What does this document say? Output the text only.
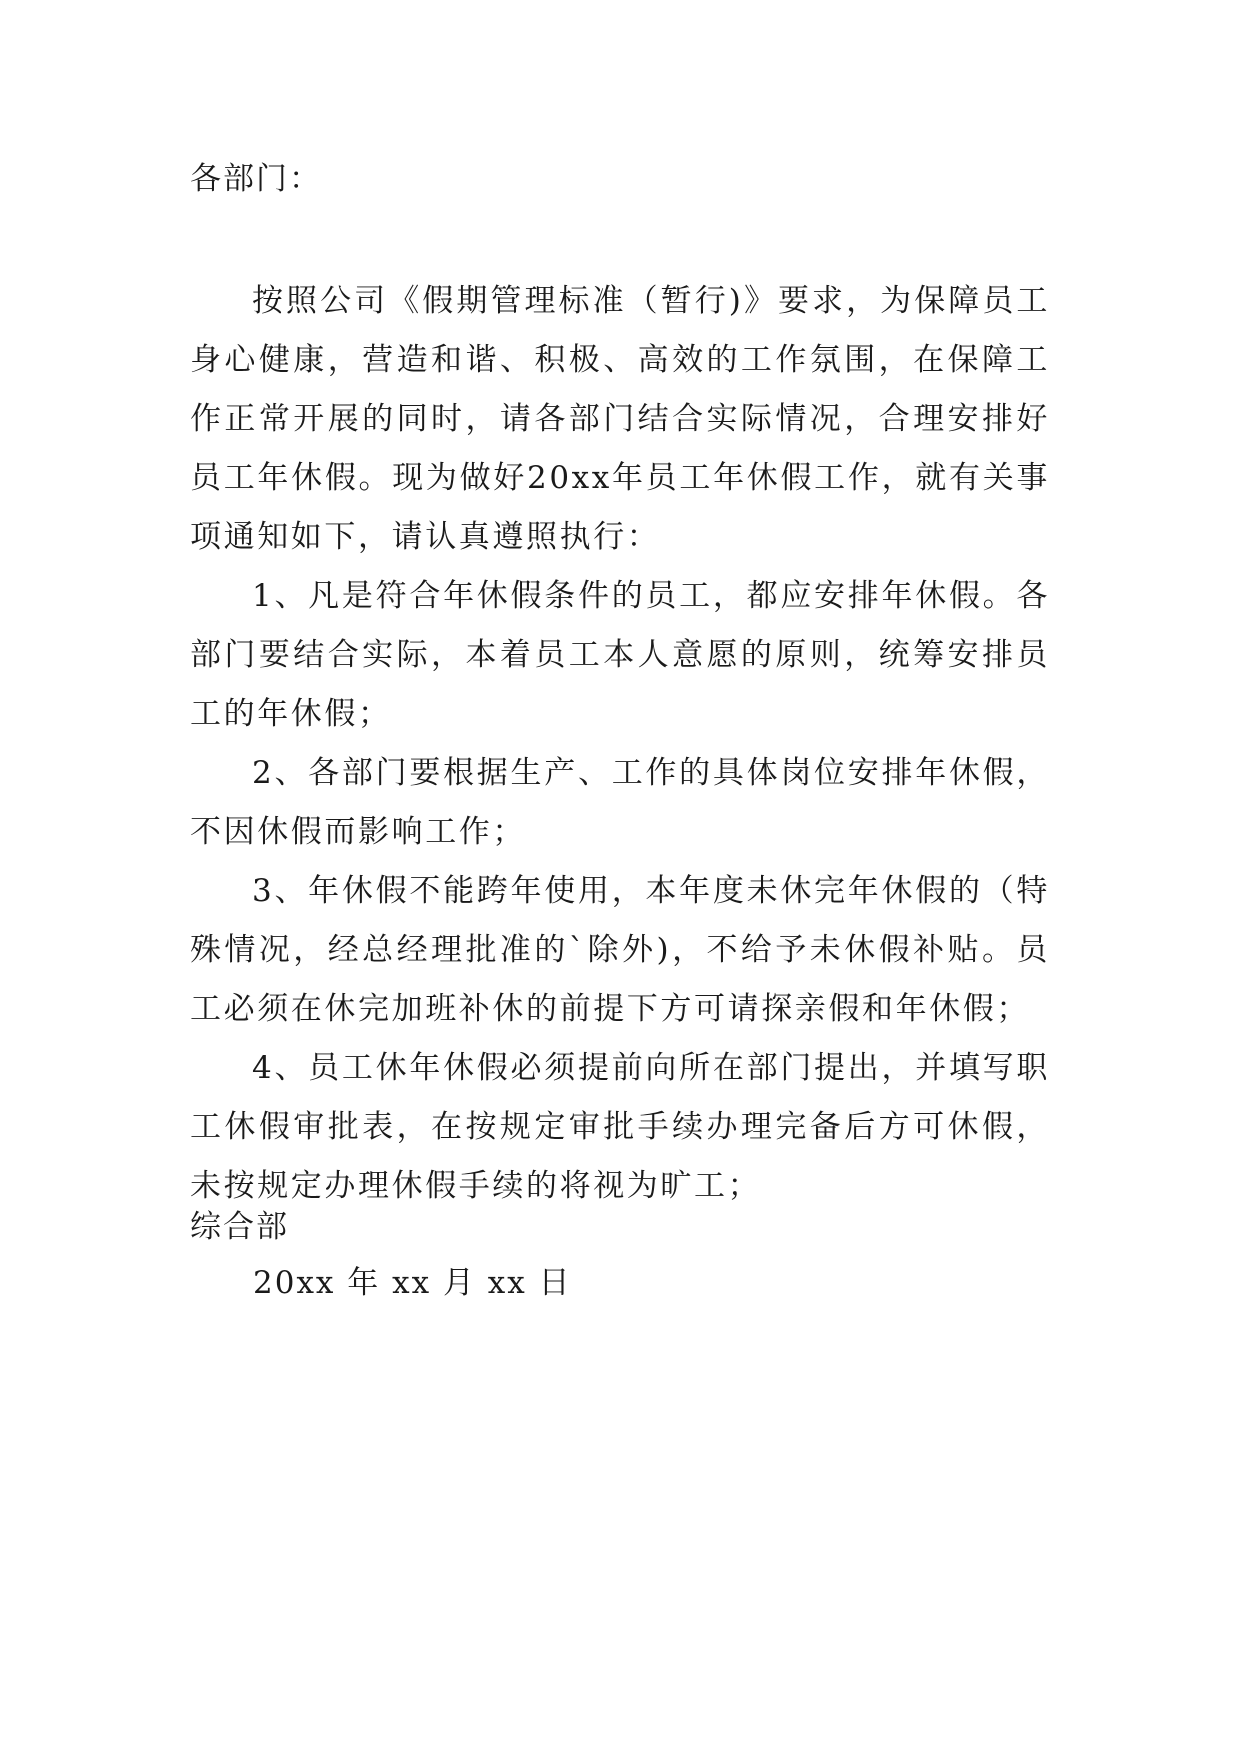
各部门：

按照公司《假期管理标准（暂行)》要求，为保障员工身心健康，营造和谐、积极、高效的工作氛围，在保障工作正常开展的同时，请各部门结合实际情况，合理安排好员工年休假。现为做好20xx年员工年休假工作，就有关事项通知如下，请认真遵照执行：

1、凡是符合年休假条件的员工，都应安排年休假。各部门要结合实际，本着员工本人意愿的原则，统筹安排员工的年休假；

2、各部门要根据生产、工作的具体岗位安排年休假，不因休假而影响工作；

3、年休假不能跨年使用，本年度未休完年休假的（特殊情况，经总经理批准的`除外)，不给予未休假补贴。员工必须在休完加班补休的前提下方可请探亲假和年休假；

4、员工休年休假必须提前向所在部门提出，并填写职工休假审批表，在按规定审批手续办理完备后方可休假，未按规定办理休假手续的将视为旷工；

综合部
20xx 年 xx 月 xx 日
